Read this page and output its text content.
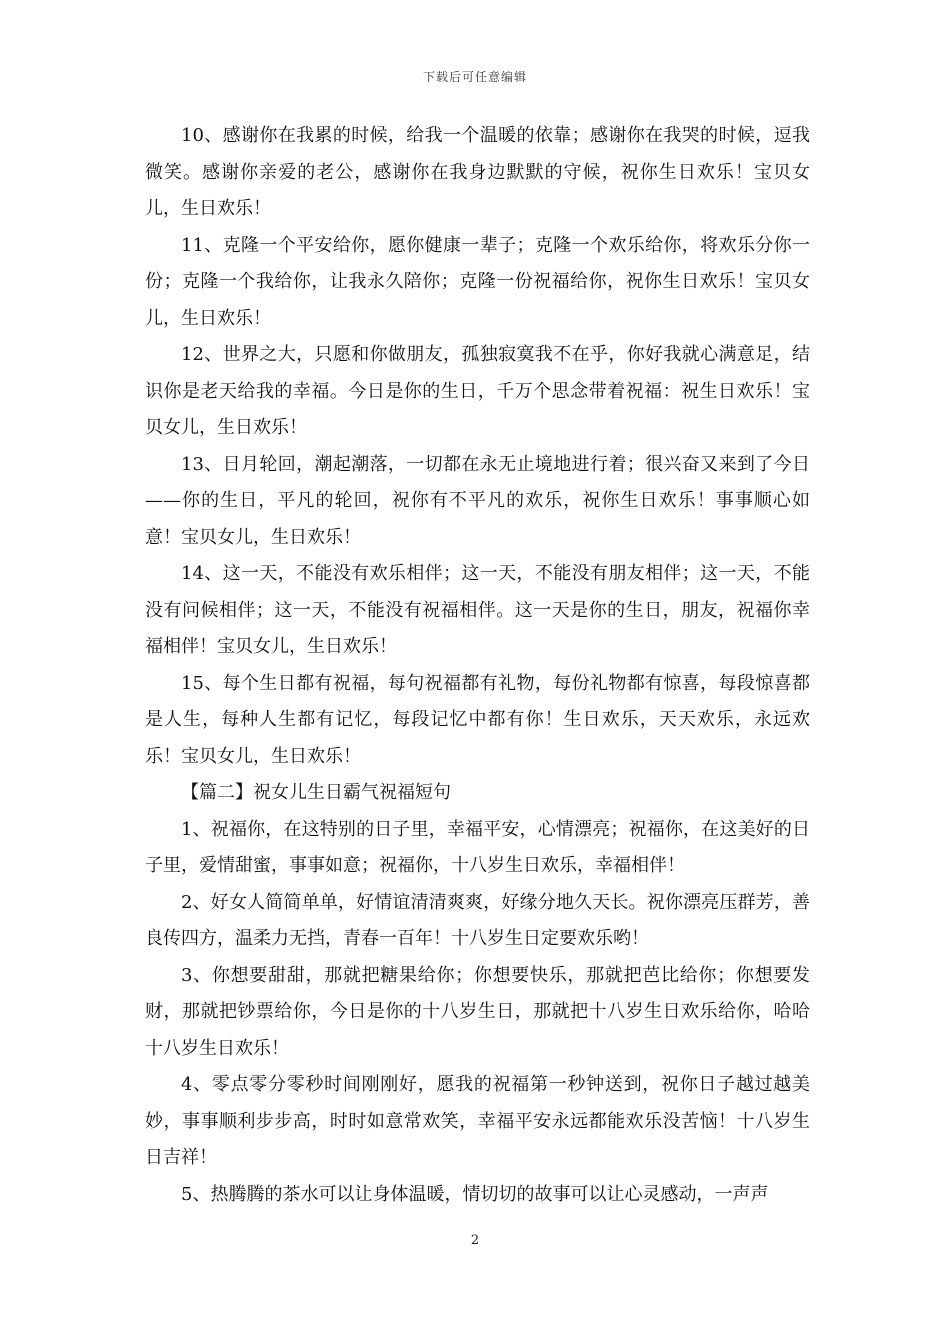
下载后可任意编辑

10、感谢你在我累的时候，给我一个温暖的依靠；感谢你在我哭的时候，逗我微笑。感谢你亲爱的老公，感谢你在我身边默默的守候，祝你生日欢乐！宝贝女儿，生日欢乐！

11、克隆一个平安给你，愿你健康一辈子；克隆一个欢乐给你，将欢乐分你一份；克隆一个我给你，让我永久陪你；克隆一份祝福给你，祝你生日欢乐！宝贝女儿，生日欢乐！

12、世界之大，只愿和你做朋友，孤独寂寞我不在乎，你好我就心满意足，结识你是老天给我的幸福。今日是你的生日，千万个思念带着祝福：祝生日欢乐！宝贝女儿，生日欢乐！

13、日月轮回，潮起潮落，一切都在永无止境地进行着；很兴奋又来到了今日——你的生日，平凡的轮回，祝你有不平凡的欢乐，祝你生日欢乐！事事顺心如意！宝贝女儿，生日欢乐！

14、这一天，不能没有欢乐相伴；这一天，不能没有朋友相伴；这一天，不能没有问候相伴；这一天，不能没有祝福相伴。这一天是你的生日，朋友，祝福你幸福相伴！宝贝女儿，生日欢乐！

15、每个生日都有祝福，每句祝福都有礼物，每份礼物都有惊喜，每段惊喜都是人生，每种人生都有记忆，每段记忆中都有你！生日欢乐，天天欢乐，永远欢乐！宝贝女儿，生日欢乐！

【篇二】祝女儿生日霸气祝福短句

1、祝福你，在这特别的日子里，幸福平安，心情漂亮；祝福你，在这美好的日子里，爱情甜蜜，事事如意；祝福你，十八岁生日欢乐，幸福相伴！

2、好女人简简单单，好情谊清清爽爽，好缘分地久天长。祝你漂亮压群芳，善良传四方，温柔力无挡，青春一百年！十八岁生日定要欢乐哟！

3、你想要甜甜，那就把糖果给你；你想要快乐，那就把芭比给你；你想要发财，那就把钞票给你，今日是你的十八岁生日，那就把十八岁生日欢乐给你，哈哈十八岁生日欢乐！

4、零点零分零秒时间刚刚好，愿我的祝福第一秒钟送到，祝你日子越过越美妙，事事顺利步步高，时时如意常欢笑，幸福平安永远都能欢乐没苦恼！十八岁生日吉祥！

5、热腾腾的茶水可以让身体温暖，情切切的故事可以让心灵感动，一声声

2
